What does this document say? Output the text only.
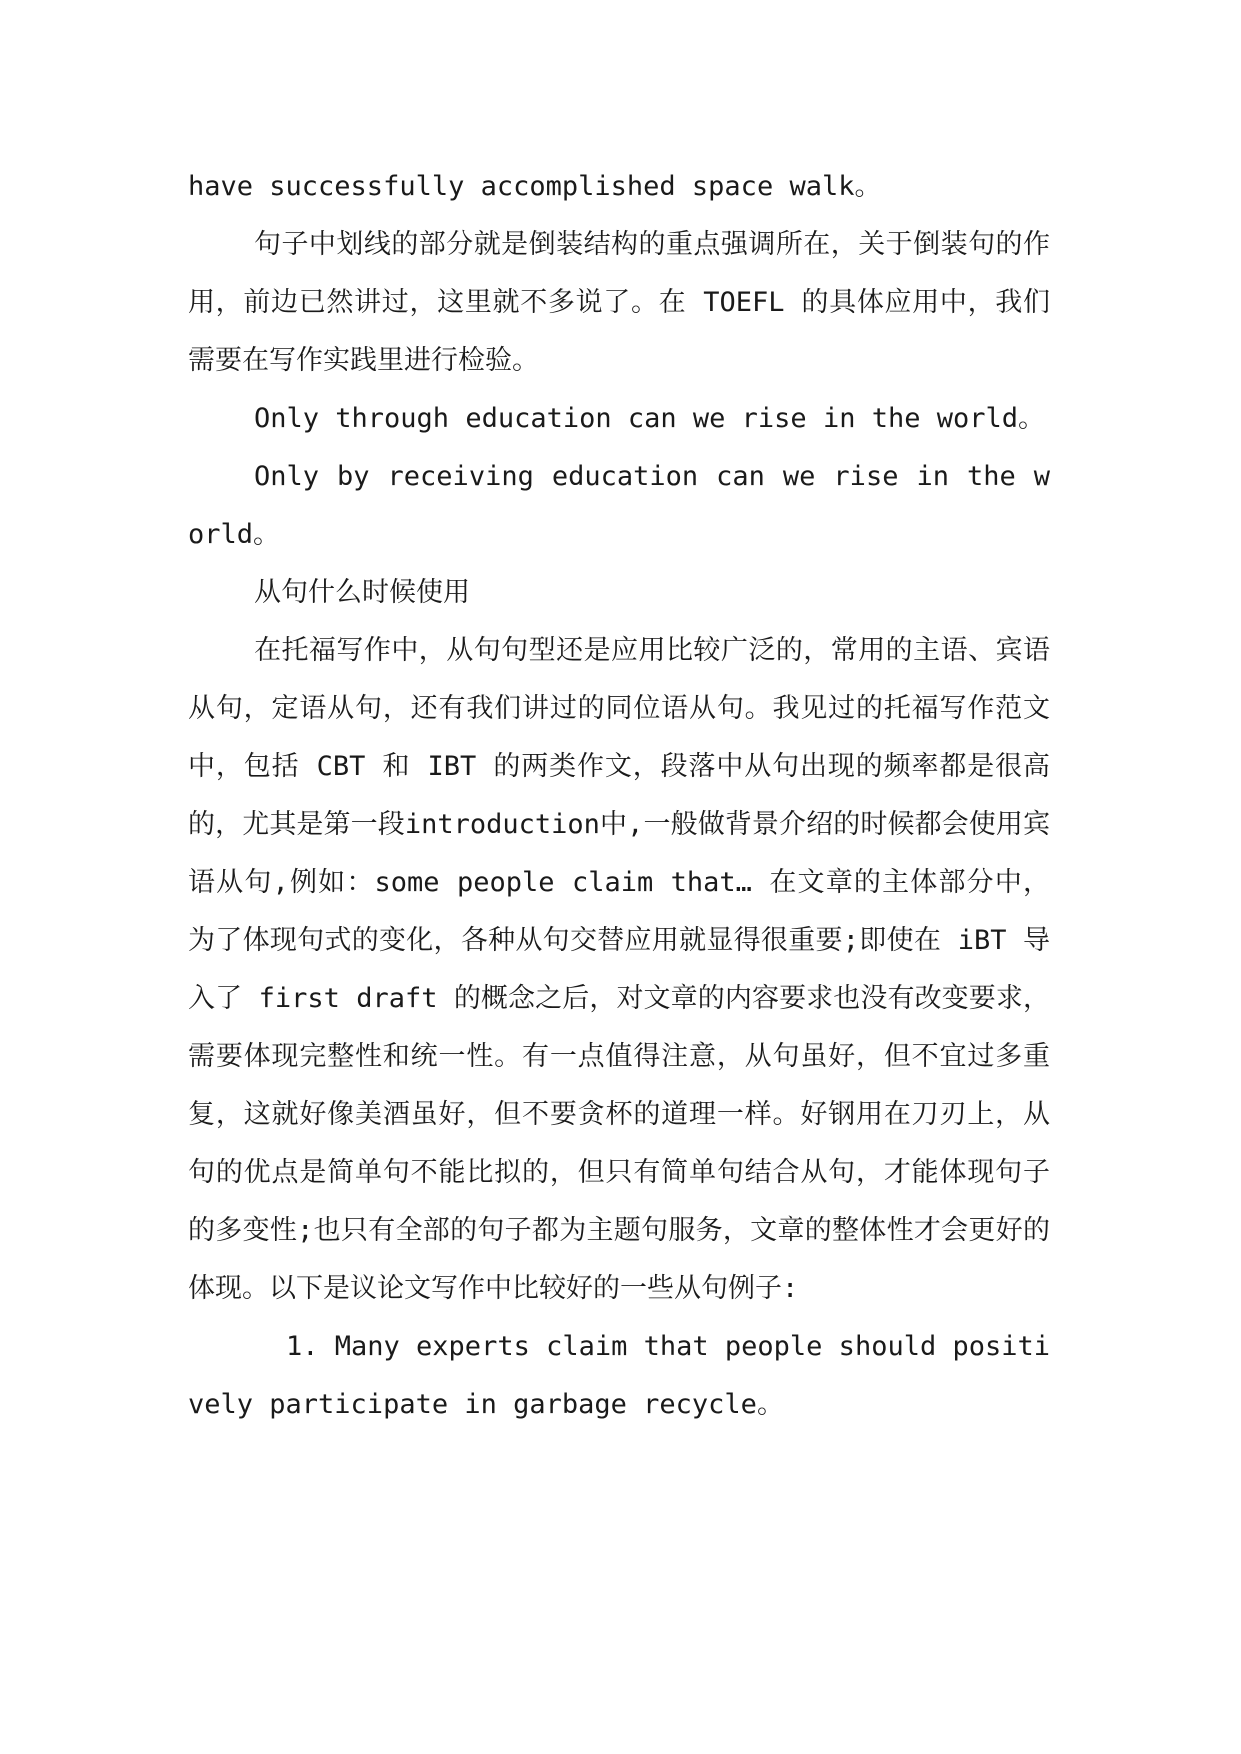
have successfully accomplished space walk。

句子中划线的部分就是倒装结构的重点强调所在，关于倒装句的作用，前边已然讲过，这里就不多说了。在 TOEFL 的具体应用中，我们需要在写作实践里进行检验。

Only through education can we rise in the world。

Only by receiving education can we rise in the world。

从句什么时候使用

在托福写作中，从句句型还是应用比较广泛的，常用的主语、宾语从句，定语从句，还有我们讲过的同位语从句。我见过的托福写作范文中，包括 CBT 和 IBT 的两类作文，段落中从句出现的频率都是很高的，尤其是第一段introduction中,一般做背景介绍的时候都会使用宾语从句,例如：some people claim that… 在文章的主体部分中，为了体现句式的变化，各种从句交替应用就显得很重要;即使在 iBT 导入了 first draft 的概念之后，对文章的内容要求也没有改变要求，需要体现完整性和统一性。有一点值得注意，从句虽好，但不宜过多重复，这就好像美酒虽好，但不要贪杯的道理一样。好钢用在刀刃上，从句的优点是简单句不能比拟的，但只有简单句结合从句，才能体现句子的多变性;也只有全部的句子都为主题句服务，文章的整体性才会更好的体现。以下是议论文写作中比较好的一些从句例子:

1. Many experts claim that people should positively participate in garbage recycle。
